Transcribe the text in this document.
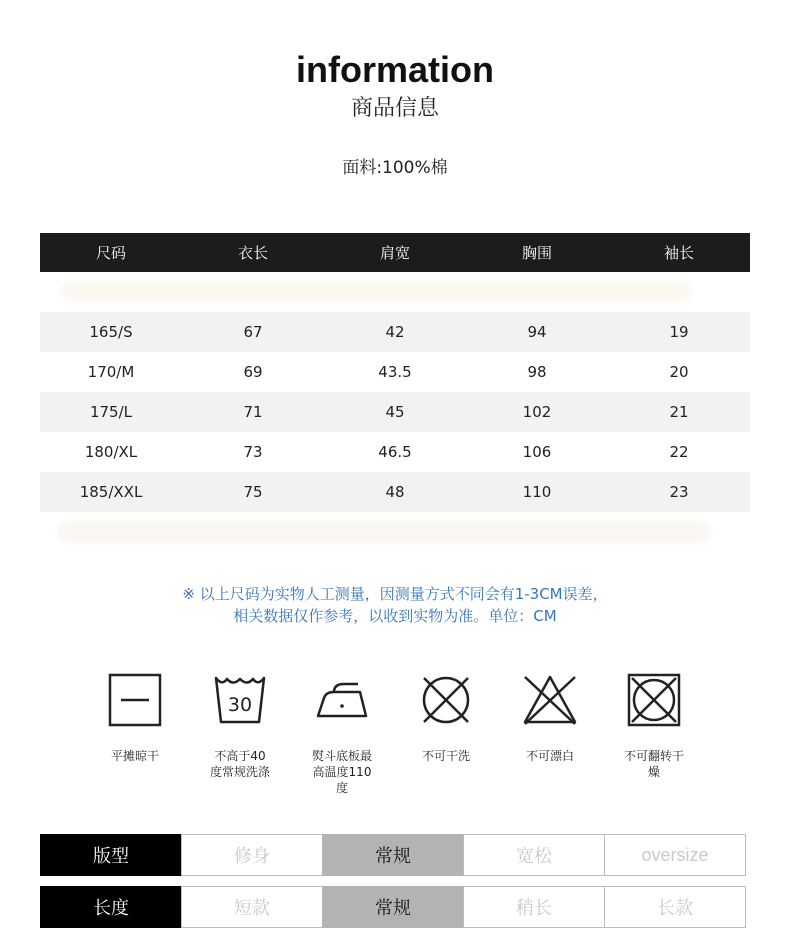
information
商品信息
面料:100%棉
尺码	衣长	肩宽	胸围	袖长

165/S	67	42	94	19
170/M	69	43.5	98	20
175/L	71	45	102	21
180/XL	73	46.5	106	22
185/XXL	75	48	110	23
※ 以上尺码为实物人工测量，因测量方式不同会有1-3CM误差，
相关数据仅作参考，以收到实物为准。单位：CM
平摊晾干
30
不高于40
度常规洗涤
熨斗底板最
高温度110
度
不可干洗	不可漂白	不可翻转干
燥
版型	修身	常规	宽松	oversize
长度	短款	常规	稍长	长款
